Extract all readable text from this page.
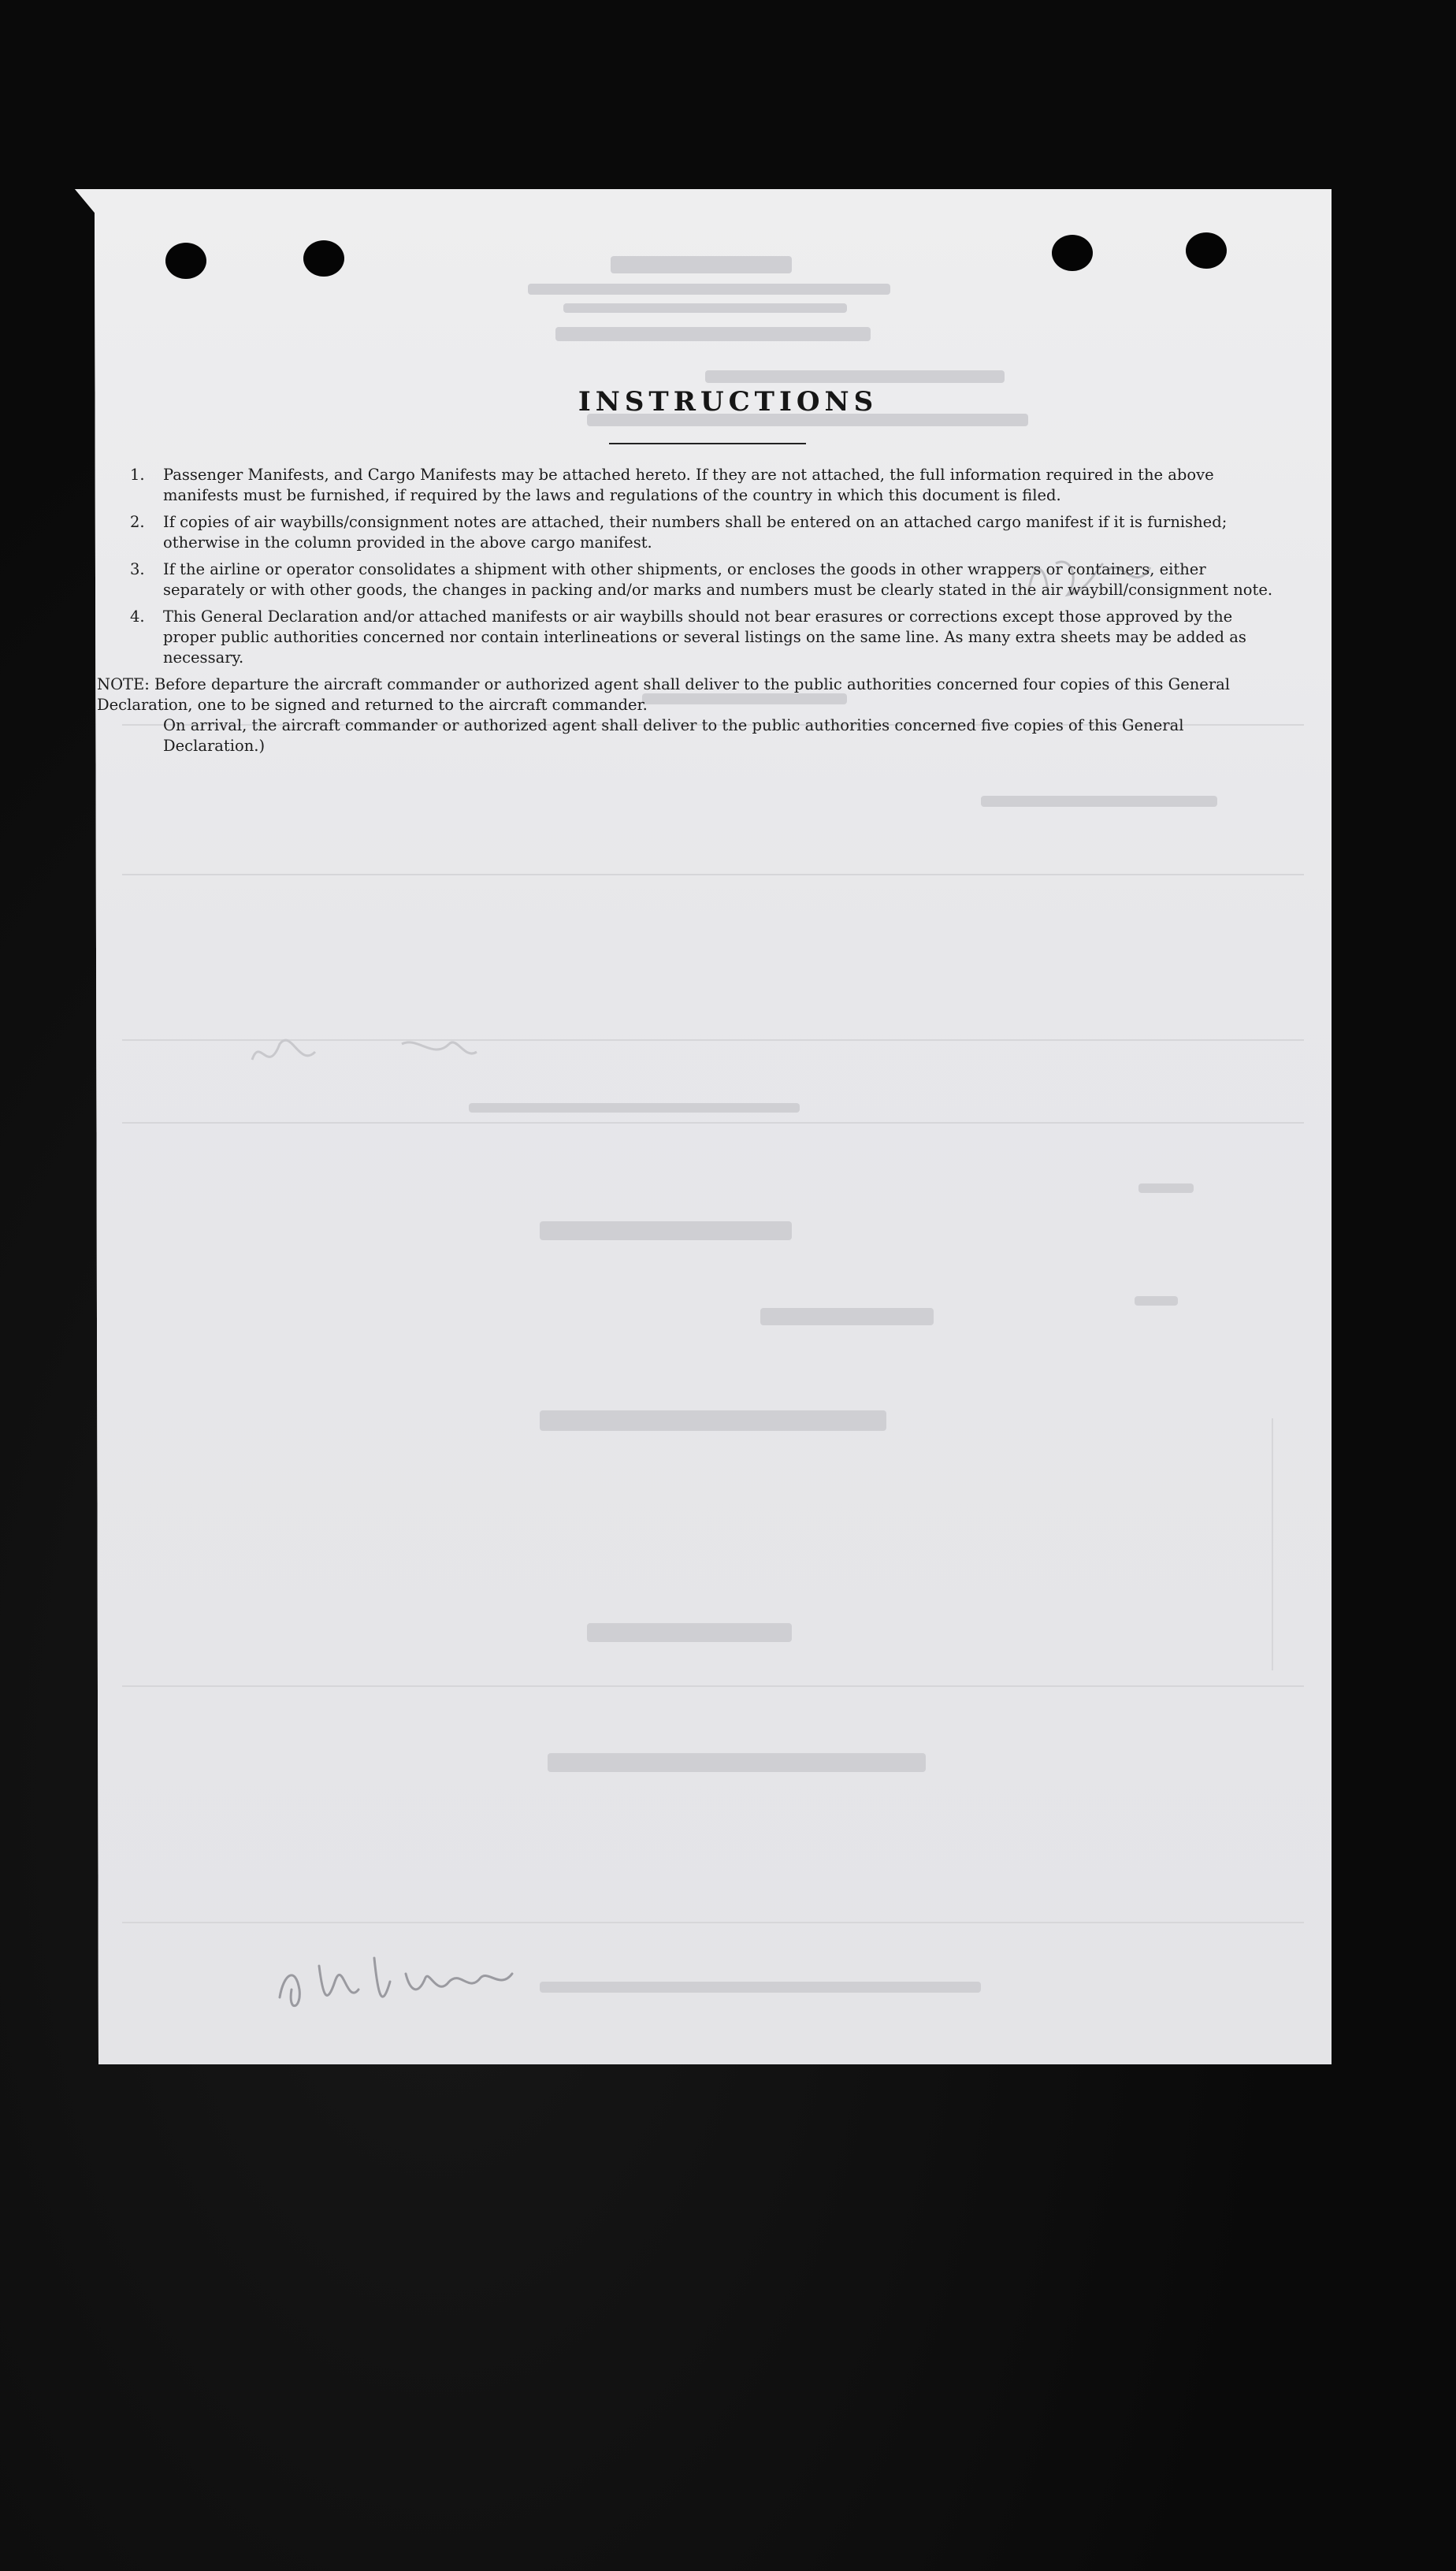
INSTRUCTIONS
1. Passenger Manifests, and Cargo Manifests may be attached hereto. If they are not attached, the full information required in the above manifests must be furnished, if required by the laws and regulations of the country in which this document is filed.
2. If copies of air waybills/consignment notes are attached, their numbers shall be entered on an attached cargo manifest if it is furnished; otherwise in the column provided in the above cargo manifest.
3. If the airline or operator consolidates a shipment with other shipments, or encloses the goods in other wrappers or containers, either separately or with other goods, the changes in packing and/or marks and numbers must be clearly stated in the air waybill/consignment note.
4. This General Declaration and/or attached manifests or air waybills should not bear erasures or corrections except those approved by the proper public authorities concerned nor contain interlineations or several listings on the same line. As many extra sheets may be added as necessary.
NOTE: Before departure the aircraft commander or authorized agent shall deliver to the public authorities concerned four copies of this General Declaration, one to be signed and returned to the aircraft commander.
On arrival, the aircraft commander or authorized agent shall deliver to the public authorities concerned five copies of this General Declaration.)
